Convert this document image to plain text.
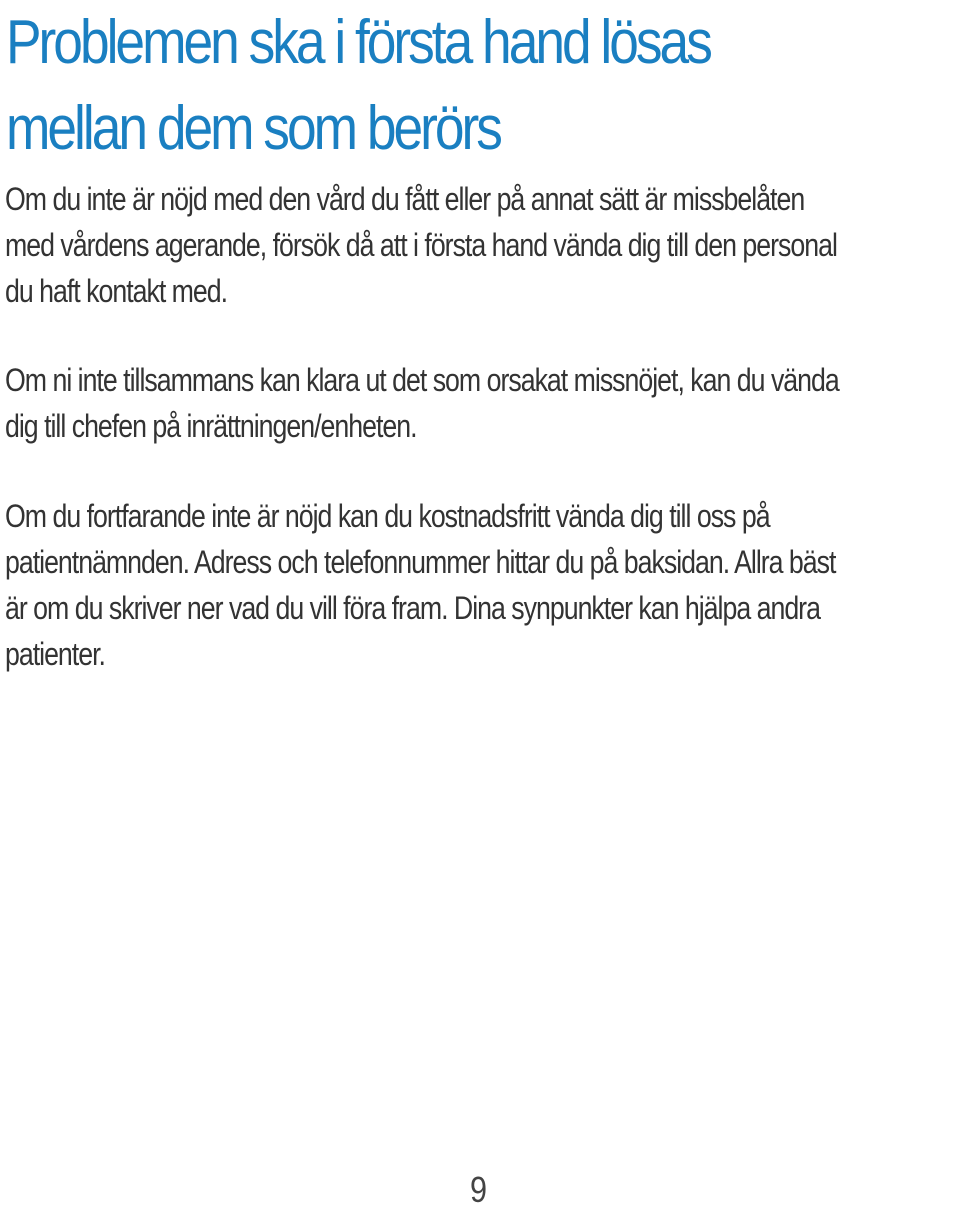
Problemen ska i första hand lösas
mellan dem som berörs

Om du inte är nöjd med den vård du fått eller på annat sätt är missbelåten
med vårdens agerande, försök då att i första hand vända dig till den personal
du haft kontakt med.

Om ni inte tillsammans kan klara ut det som orsakat missnöjet, kan du vända
dig till chefen på inrättningen/enheten.

Om du fortfarande inte är nöjd kan du kostnadsfritt vända dig till oss på
patientnämnden. Adress och telefonnummer hittar du på baksidan. Allra bäst
är om du skriver ner vad du vill föra fram. Dina synpunkter kan hjälpa andra
patienter.

9
